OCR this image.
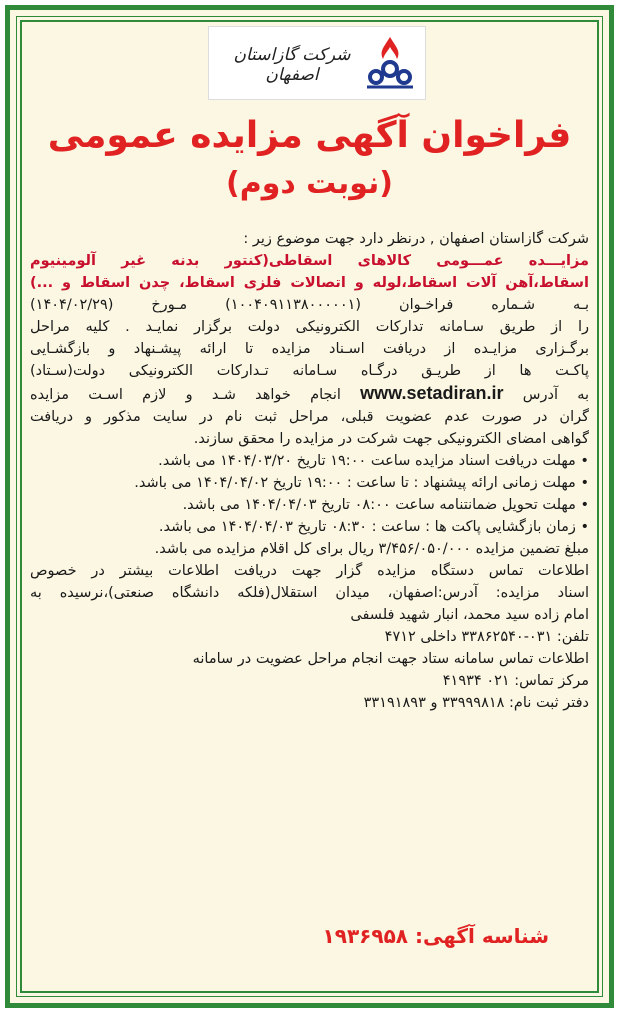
شرکت گازاستان اصفهان
فراخوان آگهی مزایده عمومی
(نوبت دوم)
شرکت گازاستان اصفهان , درنظر دارد جهت موضوع زیر :
مزایـــده عمـــومی کالاهای اسقاطی(کنتور بدنه غیر آلومینیوم
اسقاط،آهن آلات اسقاط،لوله و اتصالات فلزی اسقاط، چدن اسقاط و ...)
بـه شـماره فراخـوان (۱۰۰۴۰۹۱۱۳۸۰۰۰۰۰۱) مـورخ (۱۴۰۴/۰۲/۲۹)
را از طریق سـامانه تدارکات الکترونیکی دولت برگزار نمایـد . کلیه مراحل
برگـزاری مزایـده از دریافت اسـناد مزایده تا ارائه پیشـنهاد و بازگشـایی
پاکـت ها از طریـق درگـاه سـامانه تـدارکات الکترونیکی دولت(سـتاد)
به آدرس www.setadiran.ir انجام خواهد شـد و لازم اسـت مزایده
گران در صورت عدم عضویت قبلی، مراحل ثبت نام در سایت مذکور و دریافت
گواهی امضای الکترونیکی جهت شرکت در مزایده را محقق سازند.
• مهلت دریافت اسناد مزایده ساعت ۱۹:۰۰ تاریخ ۱۴۰۴/۰۳/۲۰ می باشد.
• مهلت زمانی ارائه پیشنهاد : تا ساعت : ۱۹:۰۰ تاریخ ۱۴۰۴/۰۴/۰۲ می باشد.
• مهلت تحویل ضمانتنامه ساعت ۰۸:۰۰ تاریخ ۱۴۰۴/۰۴/۰۳ می باشد.
• زمان بازگشایی پاکت ها : ساعت : ۰۸:۳۰ تاریخ ۱۴۰۴/۰۴/۰۳ می باشد.
مبلغ تضمین مزایده ۳/۴۵۶/۰۵۰/۰۰۰ ریال برای کل اقلام مزایده می باشد.
اطلاعات تماس دستگاه مزایده گزار جهت دریافت اطلاعات بیشتر در خصوص
اسناد مزایده: آدرس:اصفهان، میدان استقلال(فلکه دانشگاه صنعتی)،نرسیده به
امام زاده سید محمد، انبار شهید فلسفی
تلفن: ۰۳۱-۳۳۸۶۲۵۴۰ داخلی ۴۷۱۲
اطلاعات تماس سامانه ستاد جهت انجام مراحل عضویت در سامانه
مرکز تماس: ۰۲۱ ۴۱۹۳۴
دفتر ثبت نام: ۳۳۹۹۹۸۱۸ و ۳۳۱۹۱۸۹۳
شناسه آگهی: ۱۹۳۶۹۵۸
